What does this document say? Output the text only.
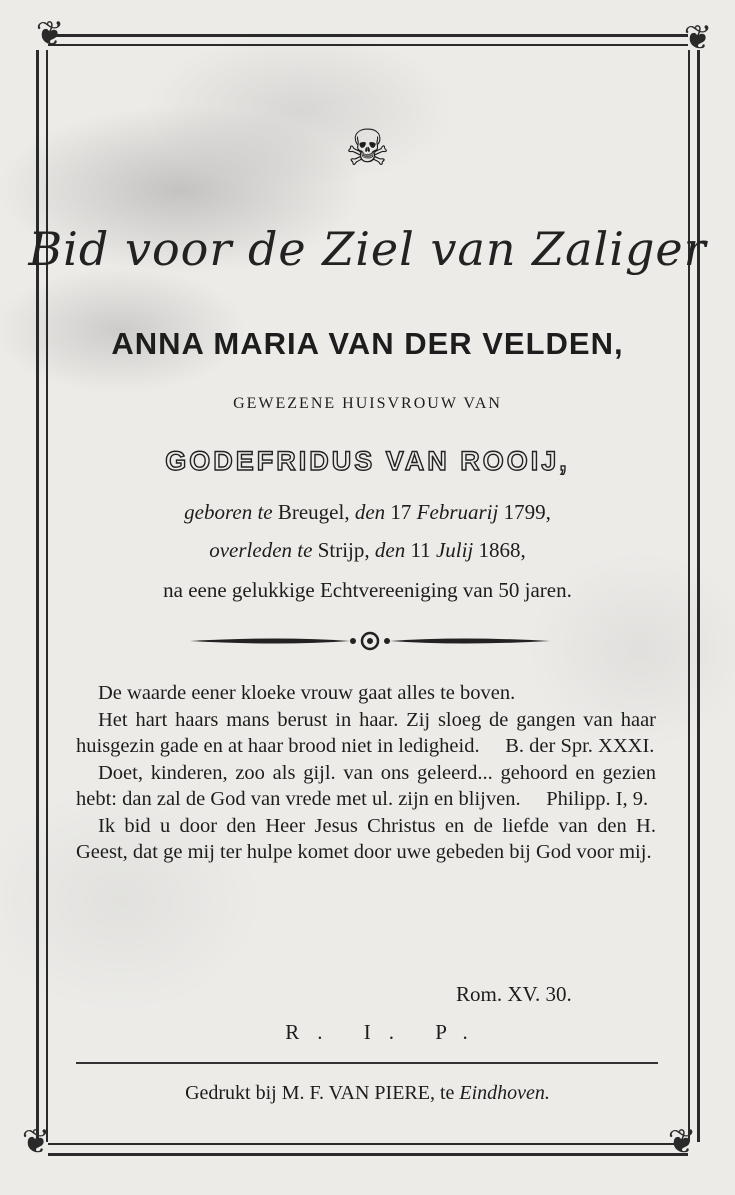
❦	❦
❦	❦
☠
Bid voor de Ziel van Zaliger
ANNA MARIA VAN DER VELDEN,
GEWEZENE HUISVROUW VAN
GODEFRIDUS VAN ROOIJ,
geboren te Breugel, den 17 Februarij 1799,
overleden te Strijp, den 11 Julij 1868,
na eene gelukkige Echtvereeniging van 50 jaren.

De waarde eener kloeke vrouw gaat alles te boven.

Het hart haars mans berust in haar. Zij sloeg de gangen van haar huisgezin gade en at haar brood niet in ledigheid. B. der Spr. XXXI.

Doet, kinderen, zoo als gijl. van ons geleerd... gehoord en gezien hebt: dan zal de God van vrede met ul. zijn en blijven. Philipp. I, 9.

Ik bid u door den Heer Jesus Christus en de liefde van den H. Geest, dat ge mij ter hulpe komet door uwe gebeden bij God voor mij.

Rom. XV. 30.
R. I. P.
Gedrukt bij M. F. VAN PIERE, te Eindhoven.
